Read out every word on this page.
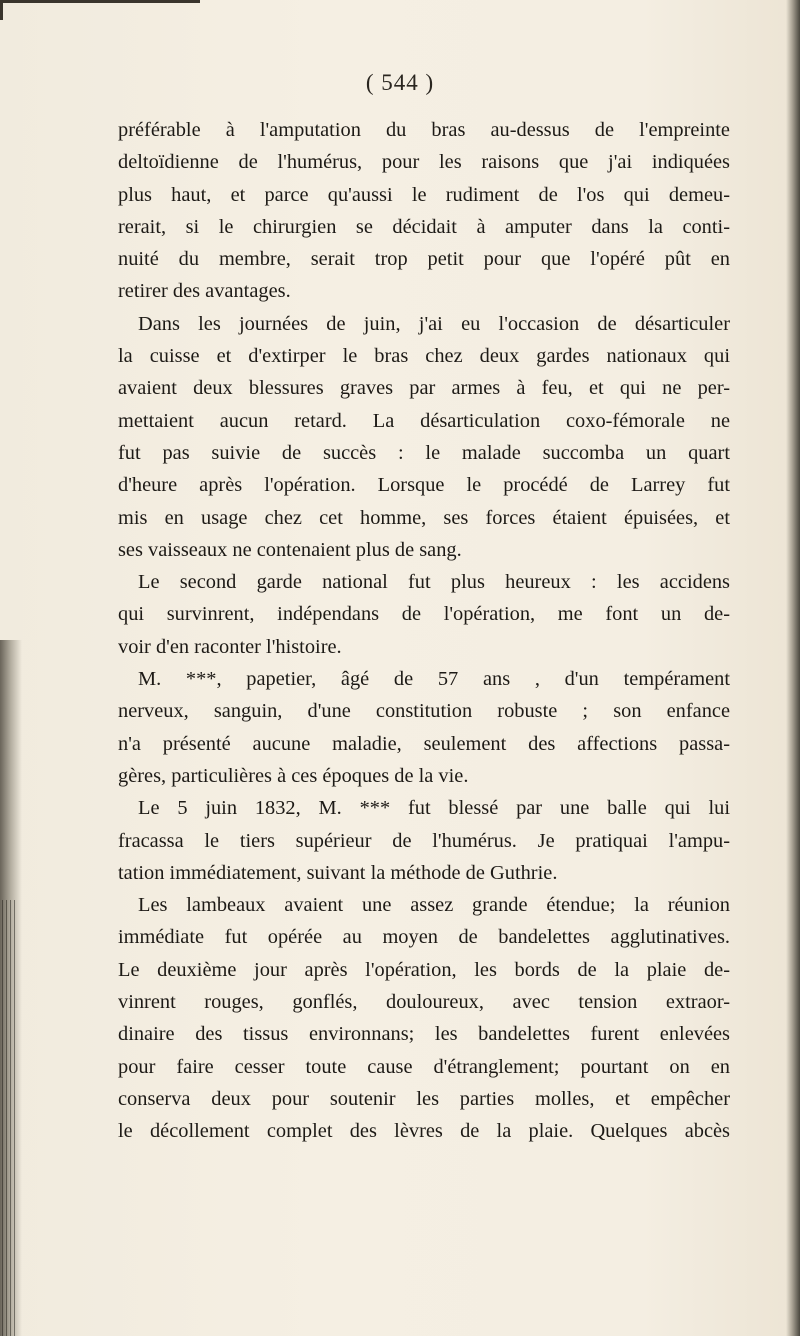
( 544 )
préférable à l'amputation du bras au-dessus de l'empreinte
deltoïdienne de l'humérus, pour les raisons que j'ai indiquées
plus haut, et parce qu'aussi le rudiment de l'os qui demeu-
rerait, si le chirurgien se décidait à amputer dans la conti-
nuité du membre, serait trop petit pour que l'opéré pût en
retirer des avantages.
Dans les journées de juin, j'ai eu l'occasion de désarticuler
la cuisse et d'extirper le bras chez deux gardes nationaux qui
avaient deux blessures graves par armes à feu, et qui ne per-
mettaient aucun retard. La désarticulation coxo-fémorale ne
fut pas suivie de succès : le malade succomba un quart
d'heure après l'opération. Lorsque le procédé de Larrey fut
mis en usage chez cet homme, ses forces étaient épuisées, et
ses vaisseaux ne contenaient plus de sang.
Le second garde national fut plus heureux : les accidens
qui survinrent, indépendans de l'opération, me font un de-
voir d'en raconter l'histoire.
M. ***, papetier, âgé de 57 ans , d'un tempérament
nerveux, sanguin, d'une constitution robuste ; son enfance
n'a présenté aucune maladie, seulement des affections passa-
gères, particulières à ces époques de la vie.
Le 5 juin 1832, M. *** fut blessé par une balle qui lui
fracassa le tiers supérieur de l'humérus. Je pratiquai l'ampu-
tation immédiatement, suivant la méthode de Guthrie.
Les lambeaux avaient une assez grande étendue; la réunion
immédiate fut opérée au moyen de bandelettes agglutinatives.
Le deuxième jour après l'opération, les bords de la plaie de-
vinrent rouges, gonflés, douloureux, avec tension extraor-
dinaire des tissus environnans; les bandelettes furent enlevées
pour faire cesser toute cause d'étranglement; pourtant on en
conserva deux pour soutenir les parties molles, et empêcher
le décollement complet des lèvres de la plaie. Quelques abcès
